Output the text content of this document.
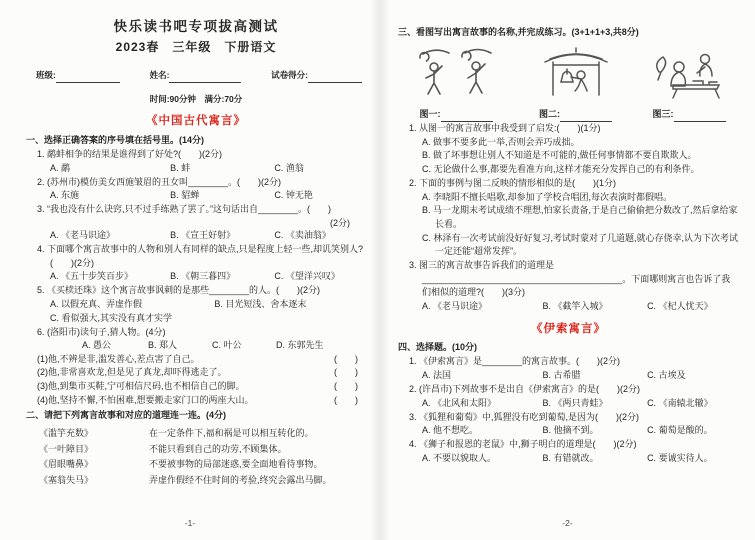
快乐读书吧专项拔高测试
2023春　三年级　下册语文
班级:	姓名:	试卷得分:
时间:90分钟　满分:70分
《中国古代寓言》
一、选择正确答案的序号填在括号里。(14分)
1. 鹬蚌相争的结果是谁得到了好处?(　　)(2分)
A. 鹬	B. 蚌	C. 渔翁
2. (苏州市)模仿美女西施皱眉的丑女叫________。(　　)(2分)
A. 东施	B. 貂蝉	C. 钟无艳
3. “我也没有什么诀窍,只不过手练熟了罢了。”这句话出自________。(　　)
(2分)
A. 《老马识途》	B. 《宣王好射》	C. 《卖油翁》
4. 下面哪个寓言故事中的人物和别人有同样的缺点,只是程度上轻一些,却讥笑别人?(　　)(2分)
A. 《五十步笑百步》	B. 《朝三暮四》	C. 《望洋兴叹》
5. 《买椟还珠》这个寓言故事讽刺的是那些________的人。(　　)(2分)
A. 以假充真、弄虚作假	B. 目光短浅、舍本逐末
C. 看似强大,其实没有真才实学
6. (洛阳市)读句子,猜人物。(4分)
A. 愚公	B. 郑人	C. 叶公	D. 东郭先生
(1)他,不辨是非,滥发善心,差点害了自己。	(　　)
(2)他,非常喜欢龙,但是见了真龙,却吓得逃走了。	(　　)
(3)他,到集市买鞋,宁可相信尺码,也不相信自己的脚。	(　　)
(4)他,坚持不懈,不怕困难,想要搬走家门口的两座大山。	(　　)
二、请把下列寓言故事和对应的道理连一连。(4分)
《滥竽充数》	在一定条件下,福和祸是可以相互转化的。
《一叶障目》	不能只看到自己的功劳,不顾集体。
《眉眼嘴鼻》	不要被事物的局部迷惑,要全面地看待事物。
《塞翁失马》	弄虚作假经不住时间的考验,终究会露出马脚。
-1-
三、看图写出寓言故事的名称,并完成练习。(3+1+1+3,共8分)
图一:	图二:	图三:
1. 从图一的寓言故事中我受到了启发:(　　)(1分)
A. 做事不要多此一举,否则会弄巧成拙。
B. 做了坏事想让别人不知道是不可能的,做任何事情都不要自欺欺人。
C. 无论做什么事,都要先看准方向,这样才能充分发挥自己的有利条件。
2. 下面的事例与图二反映的情形相似的是(　　)(1分)
A. 李晓阳不擅长唱歌,却参加了学校合唱团,每次表演时都假唱。
B. 马一龙期末考试成绩不理想,怕家长责备,于是自己偷偷把分数改了,然后拿给家长看。
C. 林泽有一次考试前没好好复习,考试时蒙对了几道题,就心存侥幸,认为下次考试一定还能“超常发挥”。
3. 图三的寓言故事告诉我们的道理是________________________________________。下面哪则寓言也告诉了我们相似的道理?(　　)(3分)
A. 《老马识途》	B. 《截竿入城》	C. 《杞人忧天》
《伊索寓言》
四、选择题。(10分)
1. 《伊索寓言》是________的寓言故事。(　　)(2分)
A. 法国	B. 古希腊	C. 古埃及
2. (许昌市)下列故事不是出自《伊索寓言》的是(　　)(2分)
A. 《北风和太阳》	B. 《两只青蛙》	C. 《南辕北辙》
3. 《狐狸和葡萄》中,狐狸没有吃到葡萄,是因为(　　)(2分)
A. 他不想吃。	B. 他摘不到。	C. 葡萄是酸的。
4. 《狮子和报恩的老鼠》中,狮子明白的道理是(　　)(2分)
A. 不要以貌取人。	B. 有错就改。	C. 要诚实待人。
-2-
